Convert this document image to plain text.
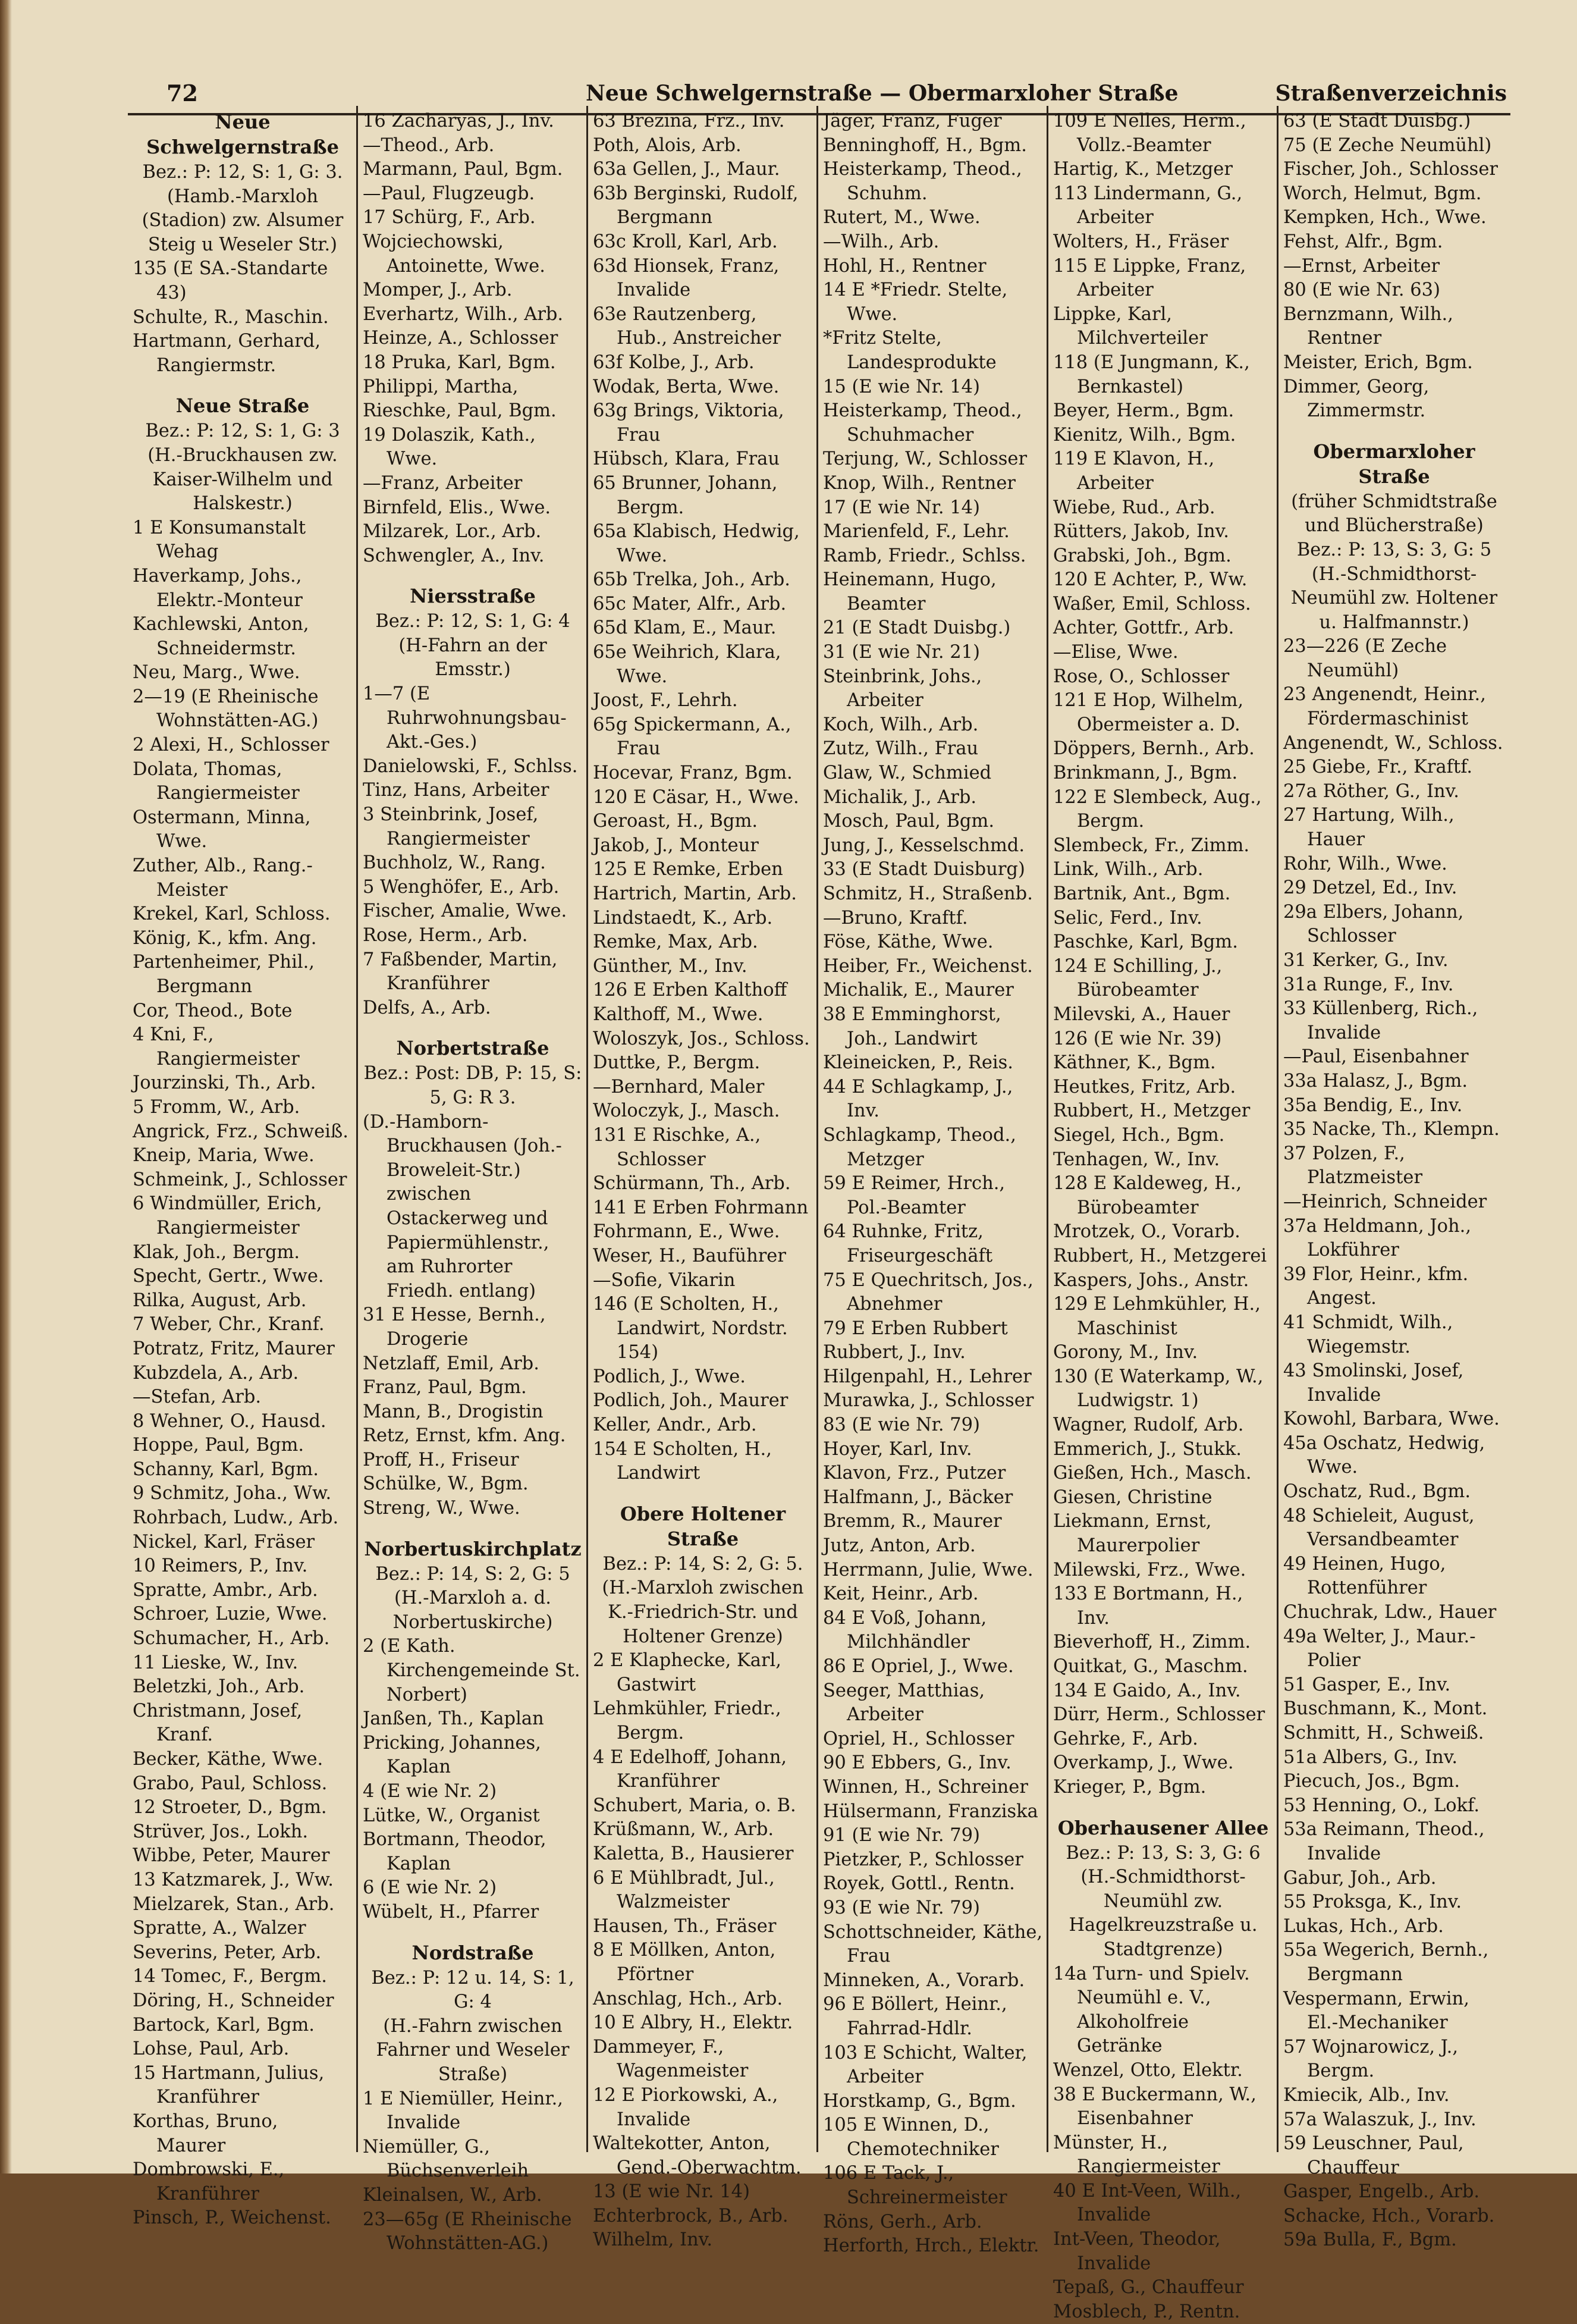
72	Neue Schwelgernstraße — Obermarxloher Straße	Straßenverzeichnis
Neue Schwelgernstraße

Bez.: P: 12, S: 1, G: 3.

(Hamb.-Marxloh (Stadion) zw. Alsumer Steig u Weseler Str.)

135 (E SA.-Standarte 43)

Schulte, R., Maschin.

Hartmann, Gerhard, Rangiermstr.

Neue Straße

Bez.: P: 12, S: 1, G: 3

(H.-Bruckhausen zw. Kaiser-Wilhelm und Halskestr.)

1 E Konsumanstalt Wehag

Haverkamp, Johs., Elektr.-Monteur

Kachlewski, Anton, Schneidermstr.

Neu, Marg., Wwe.

2—19 (E Rheinische Wohnstätten-AG.)

2 Alexi, H., Schlosser

Dolata, Thomas, Rangiermeister

Ostermann, Minna, Wwe.

Zuther, Alb., Rang.-Meister

Krekel, Karl, Schloss.

König, K., kfm. Ang.

Partenheimer, Phil., Bergmann

Cor, Theod., Bote

4 Kni, F., Rangiermeister

Jourzinski, Th., Arb.

5 Fromm, W., Arb.

Angrick, Frz., Schweiß.

Kneip, Maria, Wwe.

Schmeink, J., Schlosser

6 Windmüller, Erich, Rangiermeister

Klak, Joh., Bergm.

Specht, Gertr., Wwe.

Rilka, August, Arb.

7 Weber, Chr., Kranf.

Potratz, Fritz, Maurer

Kubzdela, A., Arb.

—Stefan, Arb.

8 Wehner, O., Hausd.

Hoppe, Paul, Bgm.

Schanny, Karl, Bgm.

9 Schmitz, Joha., Ww.

Rohrbach, Ludw., Arb.

Nickel, Karl, Fräser

10 Reimers, P., Inv.

Spratte, Ambr., Arb.

Schroer, Luzie, Wwe.

Schumacher, H., Arb.

11 Lieske, W., Inv.

Beletzki, Joh., Arb.

Christmann, Josef, Kranf.

Becker, Käthe, Wwe.

Grabo, Paul, Schloss.

12 Stroeter, D., Bgm.

Strüver, Jos., Lokh.

Wibbe, Peter, Maurer

13 Katzmarek, J., Ww.

Mielzarek, Stan., Arb.

Spratte, A., Walzer

Severins, Peter, Arb.

14 Tomec, F., Bergm.

Döring, H., Schneider

Bartock, Karl, Bgm.

Lohse, Paul, Arb.

15 Hartmann, Julius, Kranführer

Korthas, Bruno, Maurer

Dombrowski, E., Kranführer

Pinsch, P., Weichenst.

16 Zacharyas, J., Inv.

—Theod., Arb.

Marmann, Paul, Bgm.

—Paul, Flugzeugb.

17 Schürg, F., Arb.

Wojciechowski, Antoinette, Wwe.

Momper, J., Arb.

Everhartz, Wilh., Arb.

Heinze, A., Schlosser

18 Pruka, Karl, Bgm.

Philippi, Martha,

Rieschke, Paul, Bgm.

19 Dolaszik, Kath., Wwe.

—Franz, Arbeiter

Birnfeld, Elis., Wwe.

Milzarek, Lor., Arb.

Schwengler, A., Inv.

Niersstraße

Bez.: P: 12, S: 1, G: 4

(H-Fahrn an der Emsstr.)

1—7 (E Ruhrwohnungsbau-Akt.-Ges.)

Danielowski, F., Schlss.

Tinz, Hans, Arbeiter

3 Steinbrink, Josef, Rangiermeister

Buchholz, W., Rang.

5 Wenghöfer, E., Arb.

Fischer, Amalie, Wwe.

Rose, Herm., Arb.

7 Faßbender, Martin, Kranführer

Delfs, A., Arb.

Norbertstraße

Bez.: Post: DB, P: 15, S: 5, G: R 3.

(D.-Hamborn-Bruckhausen (Joh.-Broweleit-Str.) zwischen Ostackerweg und Papiermühlenstr., am Ruhrorter Friedh. entlang)

31 E Hesse, Bernh., Drogerie

Netzlaff, Emil, Arb.

Franz, Paul, Bgm.

Mann, B., Drogistin

Retz, Ernst, kfm. Ang.

Proff, H., Friseur

Schülke, W., Bgm.

Streng, W., Wwe.

Norbertuskirchplatz

Bez.: P: 14, S: 2, G: 5

(H.-Marxloh a. d. Norbertuskirche)

2 (E Kath. Kirchengemeinde St. Norbert)

Janßen, Th., Kaplan

Pricking, Johannes, Kaplan

4 (E wie Nr. 2)

Lütke, W., Organist

Bortmann, Theodor, Kaplan

6 (E wie Nr. 2)

Wübelt, H., Pfarrer

Nordstraße

Bez.: P: 12 u. 14, S: 1, G: 4

(H.-Fahrn zwischen Fahrner und Weseler Straße)

1 E Niemüller, Heinr., Invalide

Niemüller, G., Büchsenverleih

Kleinalsen, W., Arb.

23—65g (E Rheinische Wohnstätten-AG.)

63 Brezina, Frz., Inv.

Poth, Alois, Arb.

63a Gellen, J., Maur.

63b Berginski, Rudolf, Bergmann

63c Kroll, Karl, Arb.

63d Hionsek, Franz, Invalide

63e Rautzenberg, Hub., Anstreicher

63f Kolbe, J., Arb.

Wodak, Berta, Wwe.

63g Brings, Viktoria, Frau

Hübsch, Klara, Frau

65 Brunner, Johann, Bergm.

65a Klabisch, Hedwig, Wwe.

65b Trelka, Joh., Arb.

65c Mater, Alfr., Arb.

65d Klam, E., Maur.

65e Weihrich, Klara, Wwe.

Joost, F., Lehrh.

65g Spickermann, A., Frau

Hocevar, Franz, Bgm.

120 E Cäsar, H., Wwe.

Geroast, H., Bgm.

Jakob, J., Monteur

125 E Remke, Erben

Hartrich, Martin, Arb.

Lindstaedt, K., Arb.

Remke, Max, Arb.

Günther, M., Inv.

126 E Erben Kalthoff

Kalthoff, M., Wwe.

Woloszyk, Jos., Schloss.

Duttke, P., Bergm.

—Bernhard, Maler

Woloczyk, J., Masch.

131 E Rischke, A., Schlosser

Schürmann, Th., Arb.

141 E Erben Fohrmann

Fohrmann, E., Wwe.

Weser, H., Bauführer

—Sofie, Vikarin

146 (E Scholten, H., Landwirt, Nordstr. 154)

Podlich, J., Wwe.

Podlich, Joh., Maurer

Keller, Andr., Arb.

154 E Scholten, H., Landwirt

Obere Holtener Straße

Bez.: P: 14, S: 2, G: 5.

(H.-Marxloh zwischen K.-Friedrich-Str. und Holtener Grenze)

2 E Klaphecke, Karl, Gastwirt

Lehmkühler, Friedr., Bergm.

4 E Edelhoff, Johann, Kranführer

Schubert, Maria, o. B.

Krüßmann, W., Arb.

Kaletta, B., Hausierer

6 E Mühlbradt, Jul., Walzmeister

Hausen, Th., Fräser

8 E Möllken, Anton, Pförtner

Anschlag, Hch., Arb.

10 E Albry, H., Elektr.

Dammeyer, F., Wagenmeister

12 E Piorkowski, A., Invalide

Waltekotter, Anton, Gend.-Oberwachtm.

13 (E wie Nr. 14)

Echterbrock, B., Arb.

Wilhelm, Inv.

Jäger, Franz, Fuger

Benninghoff, H., Bgm.

Heisterkamp, Theod., Schuhm.

Rutert, M., Wwe.

—Wilh., Arb.

Hohl, H., Rentner

14 E *Friedr. Stelte, Wwe.

*Fritz Stelte, Landesprodukte

15 (E wie Nr. 14)

Heisterkamp, Theod., Schuhmacher

Terjung, W., Schlosser

Knop, Wilh., Rentner

17 (E wie Nr. 14)

Marienfeld, F., Lehr.

Ramb, Friedr., Schlss.

Heinemann, Hugo, Beamter

21 (E Stadt Duisbg.)

31 (E wie Nr. 21)

Steinbrink, Johs., Arbeiter

Koch, Wilh., Arb.

Zutz, Wilh., Frau

Glaw, W., Schmied

Michalik, J., Arb.

Mosch, Paul, Bgm.

Jung, J., Kesselschmd.

33 (E Stadt Duisburg)

Schmitz, H., Straßenb.

—Bruno, Kraftf.

Föse, Käthe, Wwe.

Heiber, Fr., Weichenst.

Michalik, E., Maurer

38 E Emminghorst, Joh., Landwirt

Kleineicken, P., Reis.

44 E Schlagkamp, J., Inv.

Schlagkamp, Theod., Metzger

59 E Reimer, Hrch., Pol.-Beamter

64 Ruhnke, Fritz, Friseurgeschäft

75 E Quechritsch, Jos., Abnehmer

79 E Erben Rubbert

Rubbert, J., Inv.

Hilgenpahl, H., Lehrer

Murawka, J., Schlosser

83 (E wie Nr. 79)

Hoyer, Karl, Inv.

Klavon, Frz., Putzer

Halfmann, J., Bäcker

Bremm, R., Maurer

Jutz, Anton, Arb.

Herrmann, Julie, Wwe.

Keit, Heinr., Arb.

84 E Voß, Johann, Milchhändler

86 E Opriel, J., Wwe.

Seeger, Matthias, Arbeiter

Opriel, H., Schlosser

90 E Ebbers, G., Inv.

Winnen, H., Schreiner

Hülsermann, Franziska

91 (E wie Nr. 79)

Pietzker, P., Schlosser

Royek, Gottl., Rentn.

93 (E wie Nr. 79)

Schottschneider, Käthe, Frau

Minneken, A., Vorarb.

96 E Böllert, Heinr., Fahrrad-Hdlr.

103 E Schicht, Walter, Arbeiter

Horstkamp, G., Bgm.

105 E Winnen, D., Chemotechniker

106 E Tack, J., Schreinermeister

Röns, Gerh., Arb.

Herforth, Hrch., Elektr.

109 E Nelles, Herm., Vollz.-Beamter

Hartig, K., Metzger

113 Lindermann, G., Arbeiter

Wolters, H., Fräser

115 E Lippke, Franz, Arbeiter

Lippke, Karl, Milchverteiler

118 (E Jungmann, K., Bernkastel)

Beyer, Herm., Bgm.

Kienitz, Wilh., Bgm.

119 E Klavon, H., Arbeiter

Wiebe, Rud., Arb.

Rütters, Jakob, Inv.

Grabski, Joh., Bgm.

120 E Achter, P., Ww.

Waßer, Emil, Schloss.

Achter, Gottfr., Arb.

—Elise, Wwe.

Rose, O., Schlosser

121 E Hop, Wilhelm, Obermeister a. D.

Döppers, Bernh., Arb.

Brinkmann, J., Bgm.

122 E Slembeck, Aug., Bergm.

Slembeck, Fr., Zimm.

Link, Wilh., Arb.

Bartnik, Ant., Bgm.

Selic, Ferd., Inv.

Paschke, Karl, Bgm.

124 E Schilling, J., Bürobeamter

Milevski, A., Hauer

126 (E wie Nr. 39)

Käthner, K., Bgm.

Heutkes, Fritz, Arb.

Rubbert, H., Metzger

Siegel, Hch., Bgm.

Tenhagen, W., Inv.

128 E Kaldeweg, H., Bürobeamter

Mrotzek, O., Vorarb.

Rubbert, H., Metzgerei

Kaspers, Johs., Anstr.

129 E Lehmkühler, H., Maschinist

Gorony, M., Inv.

130 (E Waterkamp, W., Ludwigstr. 1)

Wagner, Rudolf, Arb.

Emmerich, J., Stukk.

Gießen, Hch., Masch.

Giesen, Christine

Liekmann, Ernst, Maurerpolier

Milewski, Frz., Wwe.

133 E Bortmann, H., Inv.

Bieverhoff, H., Zimm.

Quitkat, G., Maschm.

134 E Gaido, A., Inv.

Dürr, Herm., Schlosser

Gehrke, F., Arb.

Overkamp, J., Wwe.

Krieger, P., Bgm.

Oberhausener Allee

Bez.: P: 13, S: 3, G: 6

(H.-Schmidthorst-Neumühl zw. Hagelkreuzstraße u. Stadtgrenze)

14a Turn- und Spielv. Neumühl e. V., Alkoholfreie Getränke

Wenzel, Otto, Elektr.

38 E Buckermann, W., Eisenbahner

Münster, H., Rangiermeister

40 E Int-Veen, Wilh., Invalide

Int-Veen, Theodor, Invalide

Tepaß, G., Chauffeur

Mosblech, P., Rentn.

63 (E Stadt Duisbg.)

75 (E Zeche Neumühl)

Fischer, Joh., Schlosser

Worch, Helmut, Bgm.

Kempken, Hch., Wwe.

Fehst, Alfr., Bgm.

—Ernst, Arbeiter

80 (E wie Nr. 63)

Bernzmann, Wilh., Rentner

Meister, Erich, Bgm.

Dimmer, Georg, Zimmermstr.

Obermarxloher Straße

(früher Schmidtstraße und Blücherstraße)

Bez.: P: 13, S: 3, G: 5

(H.-Schmidthorst-Neumühl zw. Holtener u. Halfmannstr.)

23—226 (E Zeche Neumühl)

23 Angenendt, Heinr., Fördermaschinist

Angenendt, W., Schloss.

25 Giebe, Fr., Kraftf.

27a Röther, G., Inv.

27 Hartung, Wilh., Hauer

Rohr, Wilh., Wwe.

29 Detzel, Ed., Inv.

29a Elbers, Johann, Schlosser

31 Kerker, G., Inv.

31a Runge, F., Inv.

33 Küllenberg, Rich., Invalide

—Paul, Eisenbahner

33a Halasz, J., Bgm.

35a Bendig, E., Inv.

35 Nacke, Th., Klempn.

37 Polzen, F., Platzmeister

—Heinrich, Schneider

37a Heldmann, Joh., Lokführer

39 Flor, Heinr., kfm. Angest.

41 Schmidt, Wilh., Wiegemstr.

43 Smolinski, Josef, Invalide

Kowohl, Barbara, Wwe.

45a Oschatz, Hedwig, Wwe.

Oschatz, Rud., Bgm.

48 Schieleit, August, Versandbeamter

49 Heinen, Hugo, Rottenführer

Chuchrak, Ldw., Hauer

49a Welter, J., Maur.-Polier

51 Gasper, E., Inv.

Buschmann, K., Mont.

Schmitt, H., Schweiß.

51a Albers, G., Inv.

Piecuch, Jos., Bgm.

53 Henning, O., Lokf.

53a Reimann, Theod., Invalide

Gabur, Joh., Arb.

55 Proksga, K., Inv.

Lukas, Hch., Arb.

55a Wegerich, Bernh., Bergmann

Vespermann, Erwin, El.-Mechaniker

57 Wojnarowicz, J., Bergm.

Kmiecik, Alb., Inv.

57a Walaszuk, J., Inv.

59 Leuschner, Paul, Chauffeur

Gasper, Engelb., Arb.

Schacke, Hch., Vorarb.

59a Bulla, F., Bgm.
